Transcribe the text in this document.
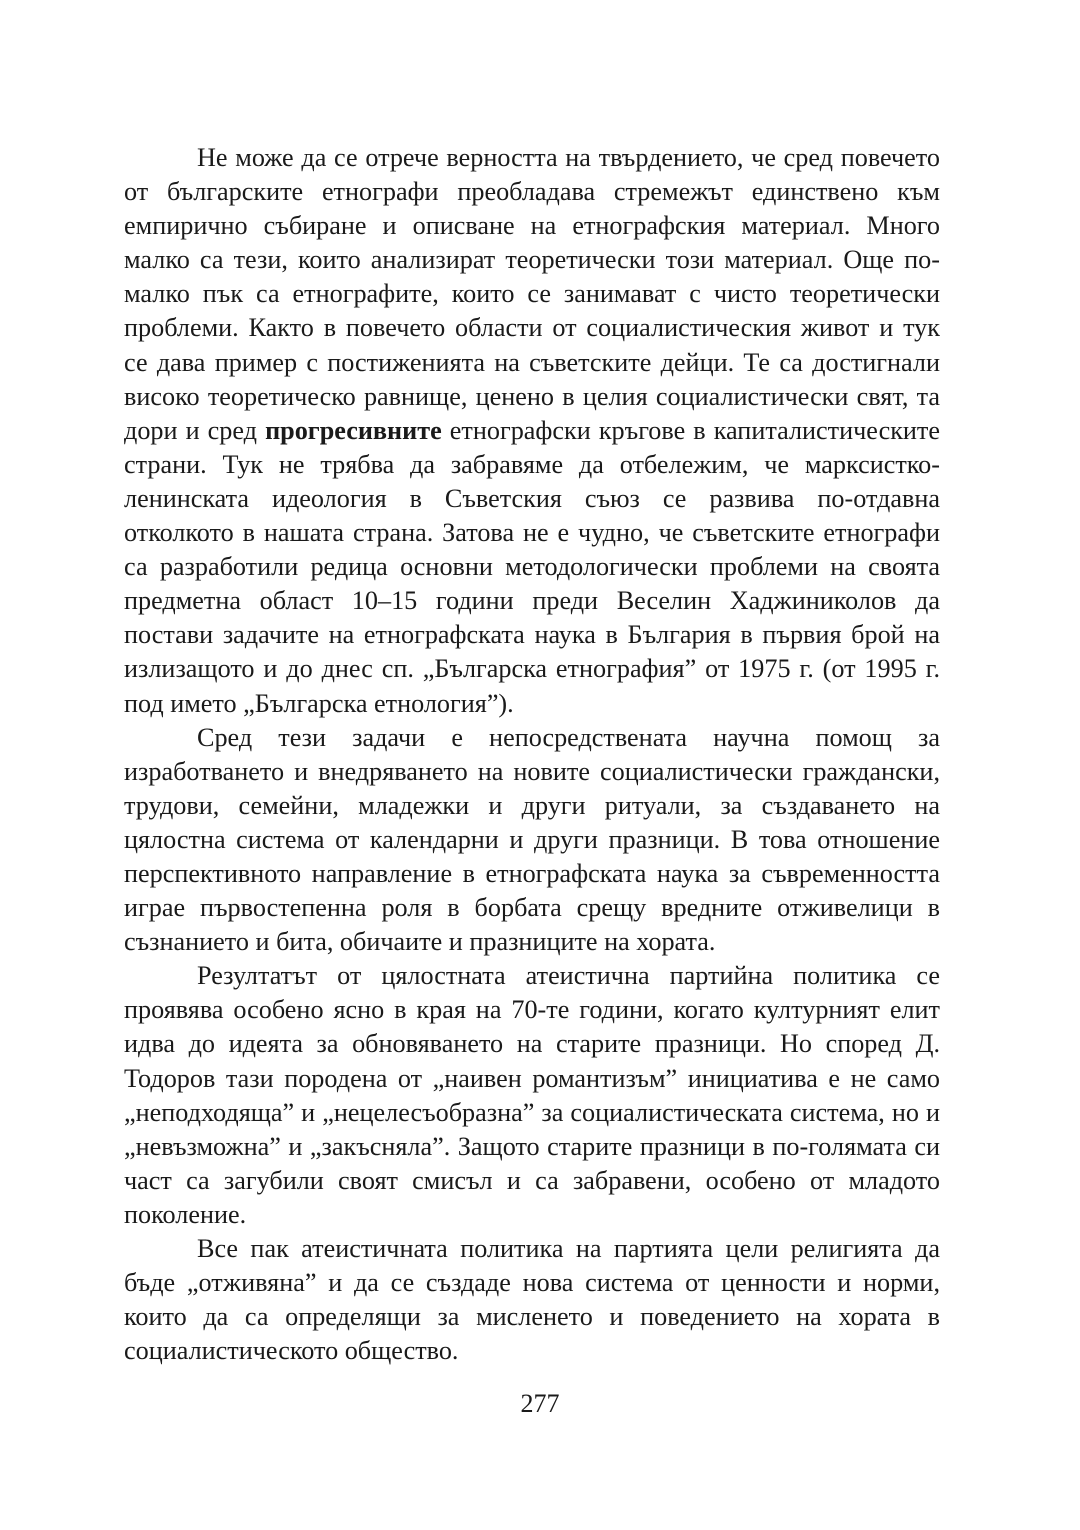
Не може да се отрече верността на твърдението, че сред повечето от българските етнографи преобладава стремежът единствено към емпирично събиране и описване на етнографския материал. Много малко са тези, които анализират теоретически този материал. Още по-малко пък са етнографите, които се занимават с чисто теоретически проблеми. Както в повечето области от социалистическия живот и тук се дава пример с постиженията на съветските дейци. Те са достигнали високо теоретическо равнище, ценено в целия социалистически свят, та дори и сред прогресивните етнографски кръгове в капиталистическите страни. Тук не трябва да забравяме да отбележим, че марксистко-ленинската идеология в Съветския съюз се развива по-отдавна отколкото в нашата страна. Затова не е чудно, че съветските етнографи са разработили редица основни методологически проблеми на своята предметна област 10–15 години преди Веселин Хаджиниколов да постави задачите на етнографската наука в България в първия брой на излизащото и до днес сп. „Българска етнография” от 1975 г. (от 1995 г. под името „Българска етнология”).

Сред тези задачи е непосредствената научна помощ за изработването и внедряването на новите социалистически граждански, трудови, семейни, младежки и други ритуали, за създаването на цялостна система от календарни и други празници. В това отношение перспективното направление в етнографската наука за съвременността играе първостепенна роля в борбата срещу вредните отживелици в съзнанието и бита, обичаите и празниците на хората.

Резултатът от цялостната атеистична партийна политика се проявява особено ясно в края на 70-те години, когато културният елит идва до идеята за обновяването на старите празници. Но според Д. Тодоров тази породена от „наивен романтизъм” инициатива е не само „неподходяща” и „нецелесъобразна” за социалистическата система, но и „невъзможна” и „закъсняла”. Защото старите празници в по-голямата си част са загубили своят смисъл и са забравени, особено от младото поколение.

Все пак атеистичната политика на партията цели религията да бъде „отживяна” и да се създаде нова система от ценности и норми, които да са определящи за мисленето и поведението на хората в социалистическото общество.

277
